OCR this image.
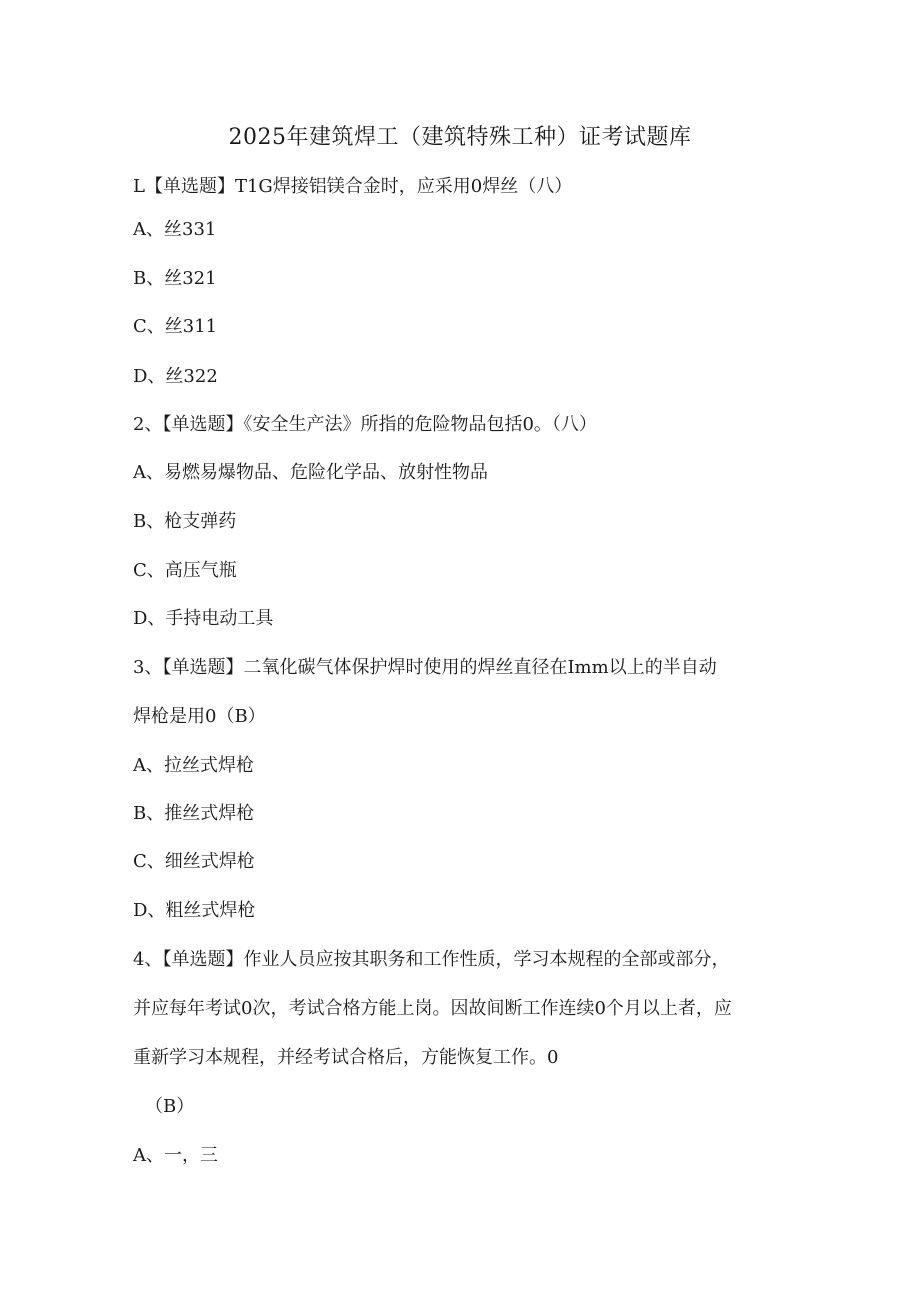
2025年建筑焊工（建筑特殊工种）证考试题库
L【单选题】T1G焊接铝镁合金时，应采用0焊丝（八）
A、丝331
B、丝321
C、丝311
D、丝322
2、【单选题】《安全生产法》所指的危险物品包括0。（八）
A、易燃易爆物品、危险化学品、放射性物品
B、枪支弹药
C、高压气瓶
D、手持电动工具
3、【单选题】二氧化碳气体保护焊时使用的焊丝直径在Imm以上的半自动
焊枪是用0（B）
A、拉丝式焊枪
B、推丝式焊枪
C、细丝式焊枪
D、粗丝式焊枪
4、【单选题】作业人员应按其职务和工作性质，学习本规程的全部或部分，
并应每年考试0次，考试合格方能上岗。因故间断工作连续0个月以上者，应
重新学习本规程，并经考试合格后，方能恢复工作。0
（B）
A、一，三
